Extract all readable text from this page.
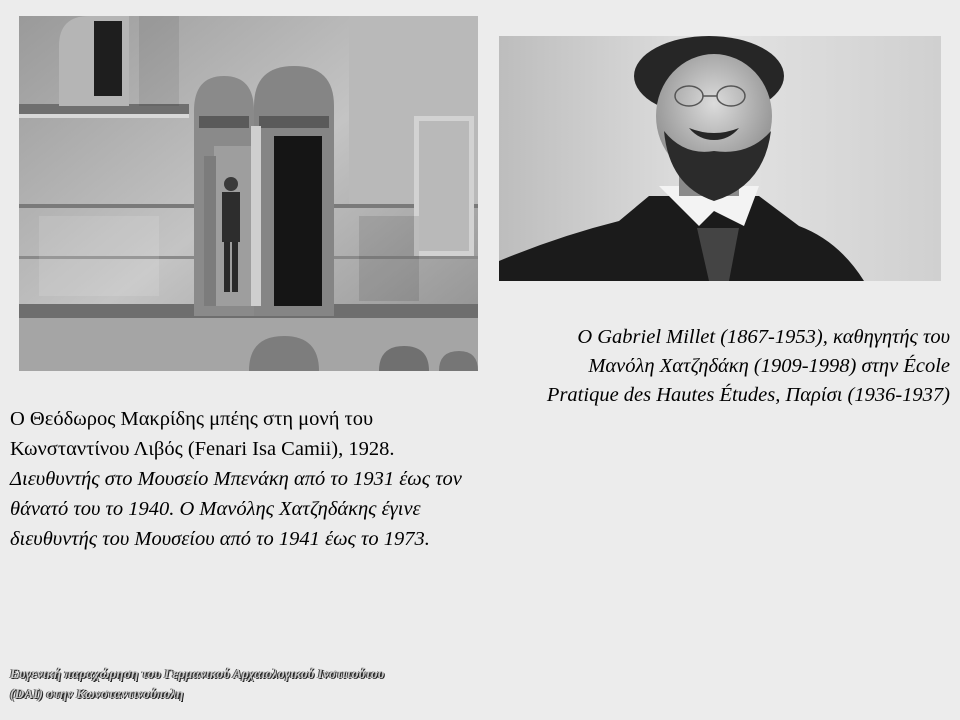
O Gabriel Millet (1867-1953), καθηγητής του
Μανόλη Χατζηδάκη (1909-1998) στην École
Pratique des Hautes Études, Παρίσι (1936-1937)
Ο Θεόδωρος Μακρίδης μπέης στη μονή του
Κωνσταντίνου Λιβός (Fenari Isa Camii), 1928.
Διευθυντής στο Μουσείο Μπενάκη από το 1931 έως τον
θάνατό του το 1940. Ο Μανόλης Χατζηδάκης έγινε
διευθυντής του Μουσείου από το 1941 έως το 1973.
Ευγενική παραχώρηση του Γερμανικού Αρχαιολογικού Ινστιτούτου
(DAI) στην Κωνσταντινούπολη
